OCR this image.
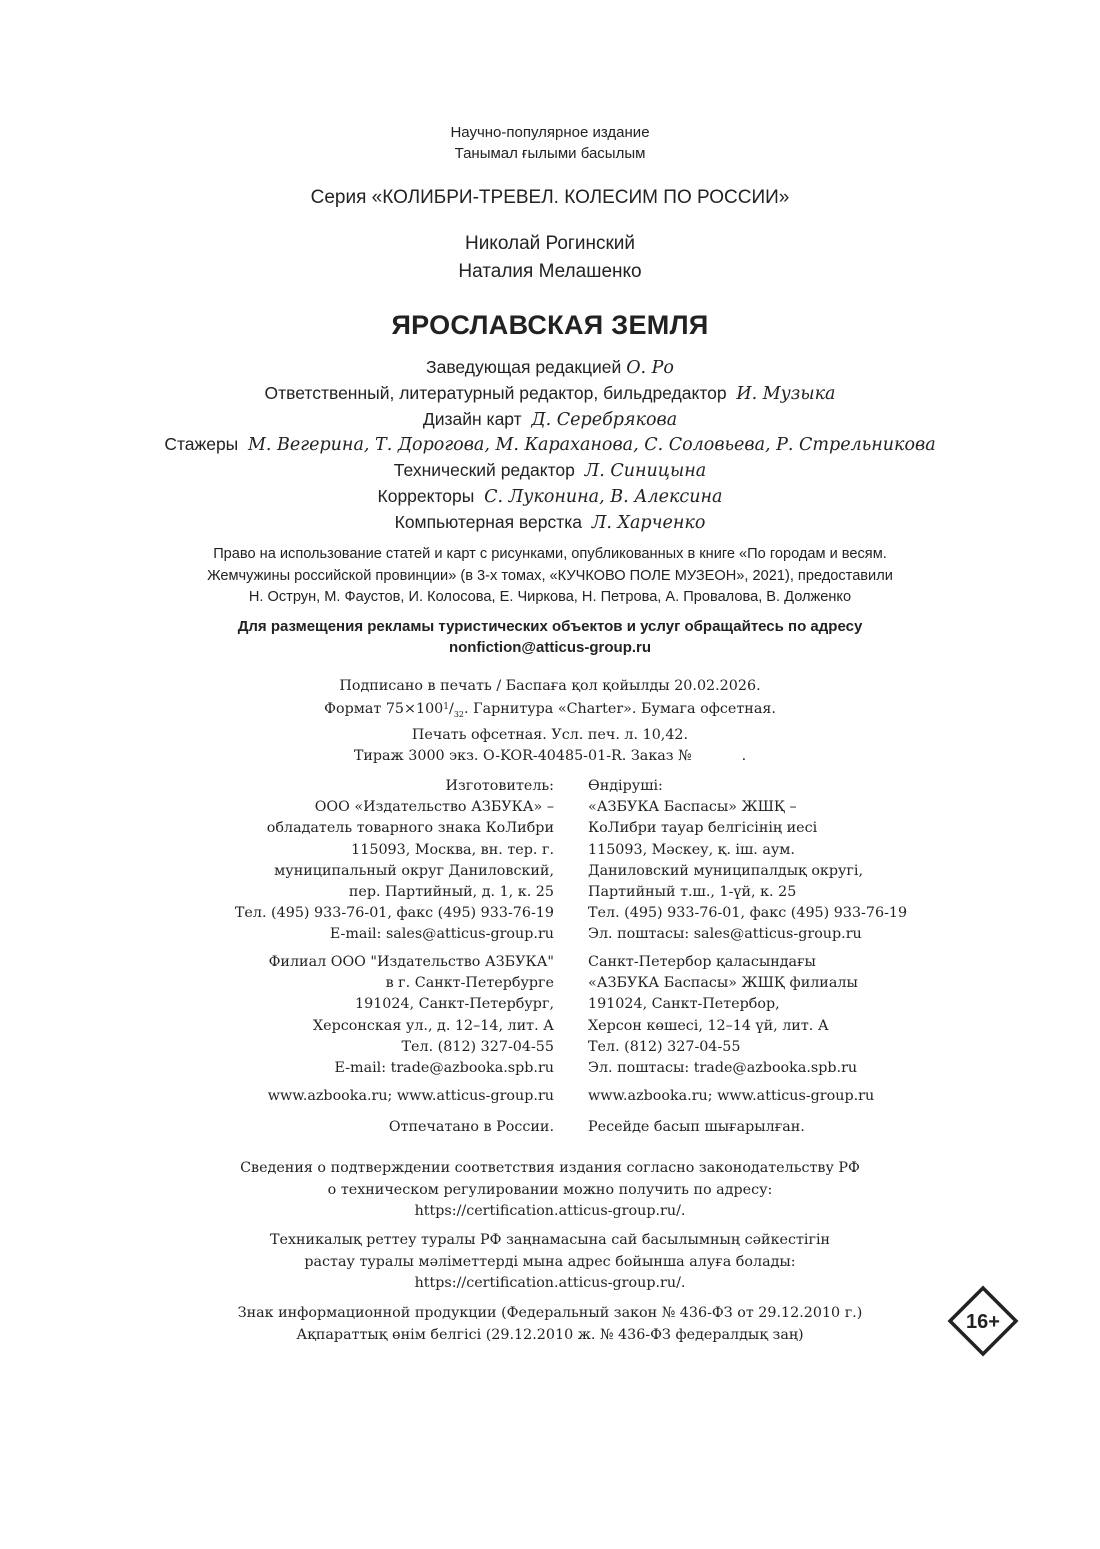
Научно-популярное издание
Танымал ғылыми басылым
Серия «КОЛИБРИ-ТРЕВЕЛ. КОЛЕСИМ ПО РОССИИ»
Николай Рогинский
Наталия Мелашенко
ЯРОСЛАВСКАЯ ЗЕМЛЯ
Заведующая редакцией О. Ро
Ответственный, литературный редактор, бильдредактор И. Музыка
Дизайн карт Д. Серебрякова
Стажеры М. Вегерина, Т. Дорогова, М. Караханова, С. Соловьева, Р. Стрельникова
Технический редактор Л. Синицына
Корректоры С. Луконина, В. Алексина
Компьютерная верстка Л. Харченко
Право на использование статей и карт с рисунками, опубликованных в книге «По городам и весям.
Жемчужины российской провинции» (в 3-х томах, «КУЧКОВО ПОЛЕ МУЗЕОН», 2021), предоставили
Н. Острун, М. Фаустов, И. Колосова, Е. Чиркова, Н. Петрова, А. Провалова, В. Долженко
Для размещения рекламы туристических объектов и услуг обращайтесь по адресу
nonfiction@atticus-group.ru
Подписано в печать / Баспаға қол қойылды 20.02.2026.
Формат $75\times 100^1/_{32}$. Гарнитура «Charter». Бумага офсетная.
Печать офсетная. Усл. печ. л. 10,42.
Тираж 3000 экз. O-KOR-40485-01-R. Заказ №           .
Изготовитель:
ООО «Издательство АЗБУКА» –
обладатель товарного знака КоЛибри
115093, Москва, вн. тер. г.
муниципальный округ Даниловский,
пер. Партийный, д. 1, к. 25
Тел. (495) 933-76-01, факс (495) 933-76-19
E-mail: sales@atticus-group.ru
Өндіруші:
«АЗБУКА Баспасы» ЖШҚ –
КоЛибри тауар белгісінің иесі
115093, Мәскеу, қ. іш. аум.
Даниловский муниципалдық округі,
Партийный т.ш., 1-үй, к. 25
Тел. (495) 933-76-01, факс (495) 933-76-19
Эл. поштасы: sales@atticus-group.ru
Филиал ООО "Издательство АЗБУКА"
в г. Санкт-Петербурге
191024, Санкт-Петербург,
Херсонская ул., д. 12–14, лит. А
Тел. (812) 327-04-55
E-mail: trade@azbooka.spb.ru
Санкт-Петербор қаласындағы
«АЗБУКА Баспасы» ЖШҚ филиалы
191024, Санкт-Петербор,
Херсон көшесі, 12–14 үй, лит. А
Тел. (812) 327-04-55
Эл. поштасы: trade@azbooka.spb.ru
www.azbooka.ru; www.atticus-group.ru www.azbooka.ru; www.atticus-group.ru
Отпечатано в России. Ресейде басып шығарылған.
Сведения о подтверждении соответствия издания согласно законодательству РФ
о техническом регулировании можно получить по адресу:
https://certification.atticus-group.ru/.
Техникалық реттеу туралы РФ заңнамасына сай басылымның сәйкестігін
растау туралы мәліметтерді мына адрес бойынша алуға болады:
https://certification.atticus-group.ru/.
Знак информационной продукции (Федеральный закон № 436-ФЗ от 29.12.2010 г.)
Ақпараттық өнім белгісі (29.12.2010 ж. № 436-ФЗ федералдық заң)
16+
